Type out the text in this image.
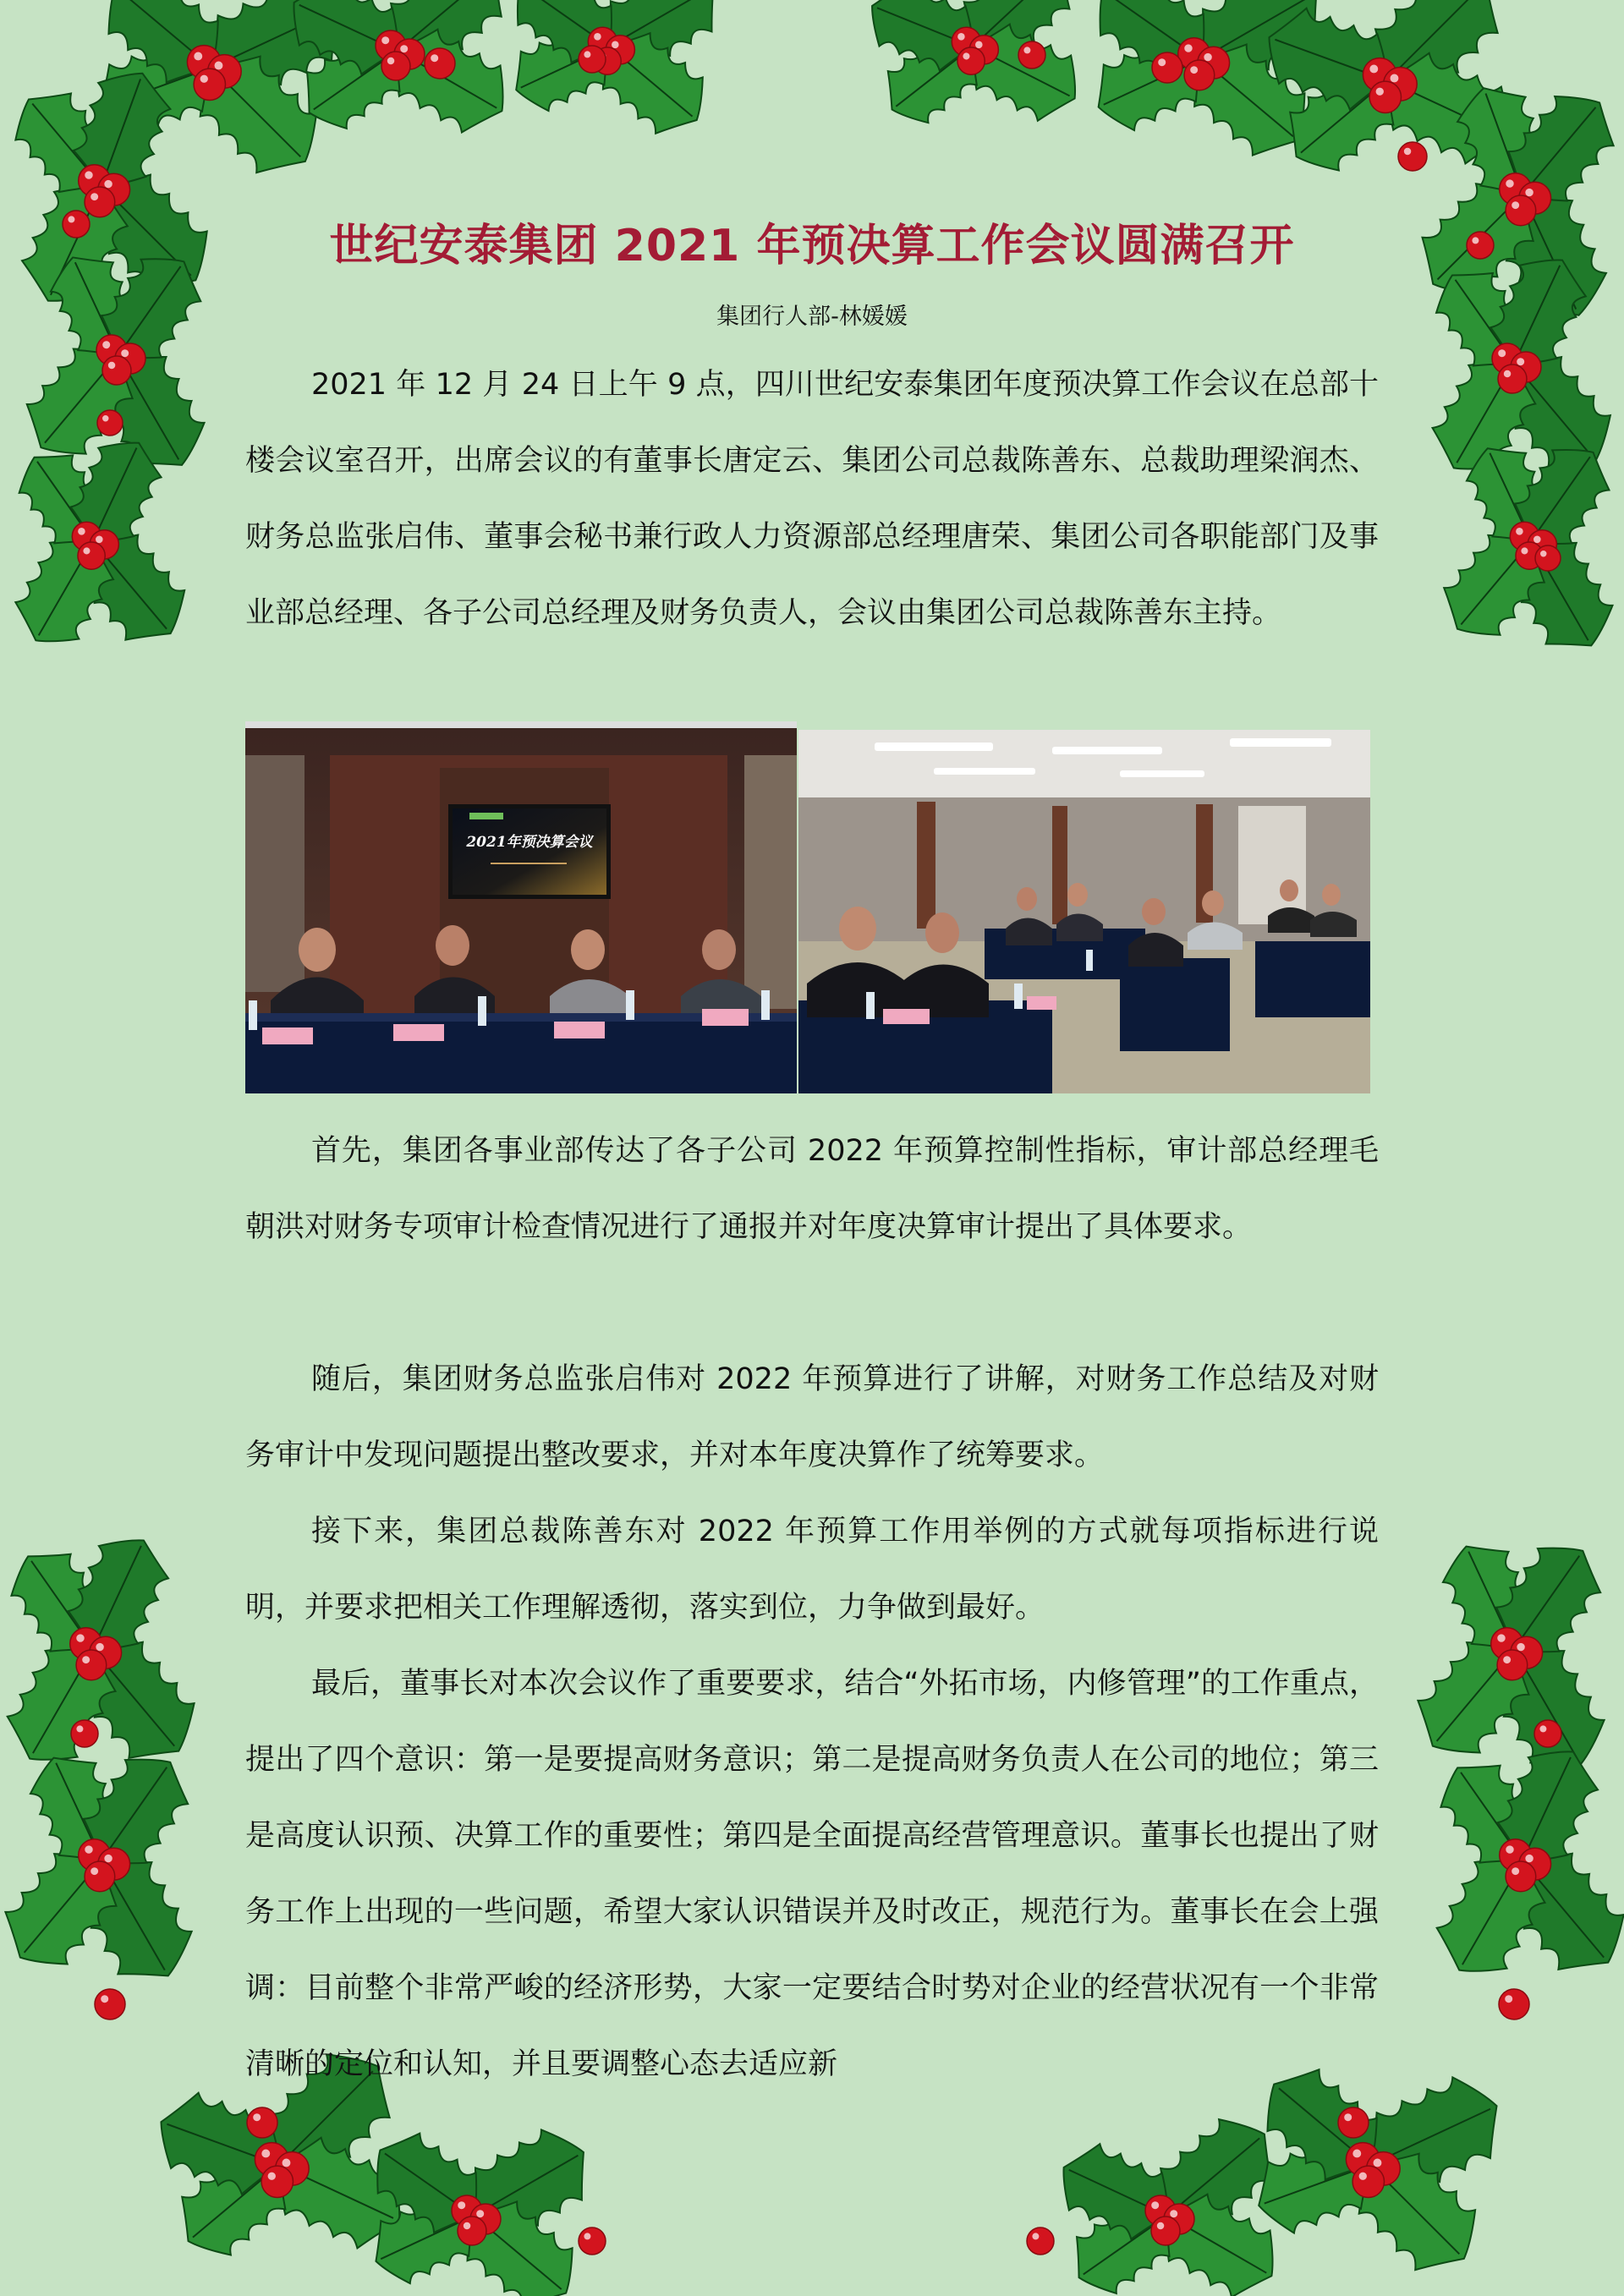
世纪安泰集团 2021 年预决算工作会议圆满召开
集团行人部-林媛媛

2021 年 12 月 24 日上午 9 点，四川世纪安泰集团年度预决算工作会议在总部十楼会议室召开，出席会议的有董事长唐定云、集团公司总裁陈善东、总裁助理梁润杰、财务总监张启伟、董事会秘书兼行政人力资源部总经理唐荣、集团公司各职能部门及事业部总经理、各子公司总经理及财务负责人，会议由集团公司总裁陈善东主持。

首先，集团各事业部传达了各子公司 2022 年预算控制性指标，审计部总经理毛朝洪对财务专项审计检查情况进行了通报并对年度决算审计提出了具体要求。

随后，集团财务总监张启伟对 2022 年预算进行了讲解，对财务工作总结及对财务审计中发现问题提出整改要求，并对本年度决算作了统筹要求。

接下来，集团总裁陈善东对 2022 年预算工作用举例的方式就每项指标进行说明，并要求把相关工作理解透彻，落实到位，力争做到最好。

最后，董事长对本次会议作了重要要求，结合“外拓市场，内修管理”的工作重点，提出了四个意识：第一是要提高财务意识；第二是提高财务负责人在公司的地位；第三是高度认识预、决算工作的重要性；第四是全面提高经营管理意识。董事长也提出了财务工作上出现的一些问题，希望大家认识错误并及时改正，规范行为。董事长在会上强调：目前整个非常严峻的经济形势，大家一定要结合时势对企业的经营状况有一个非常清晰的定位和认知，并且要调整心态去适应新

2021年预决算会议
